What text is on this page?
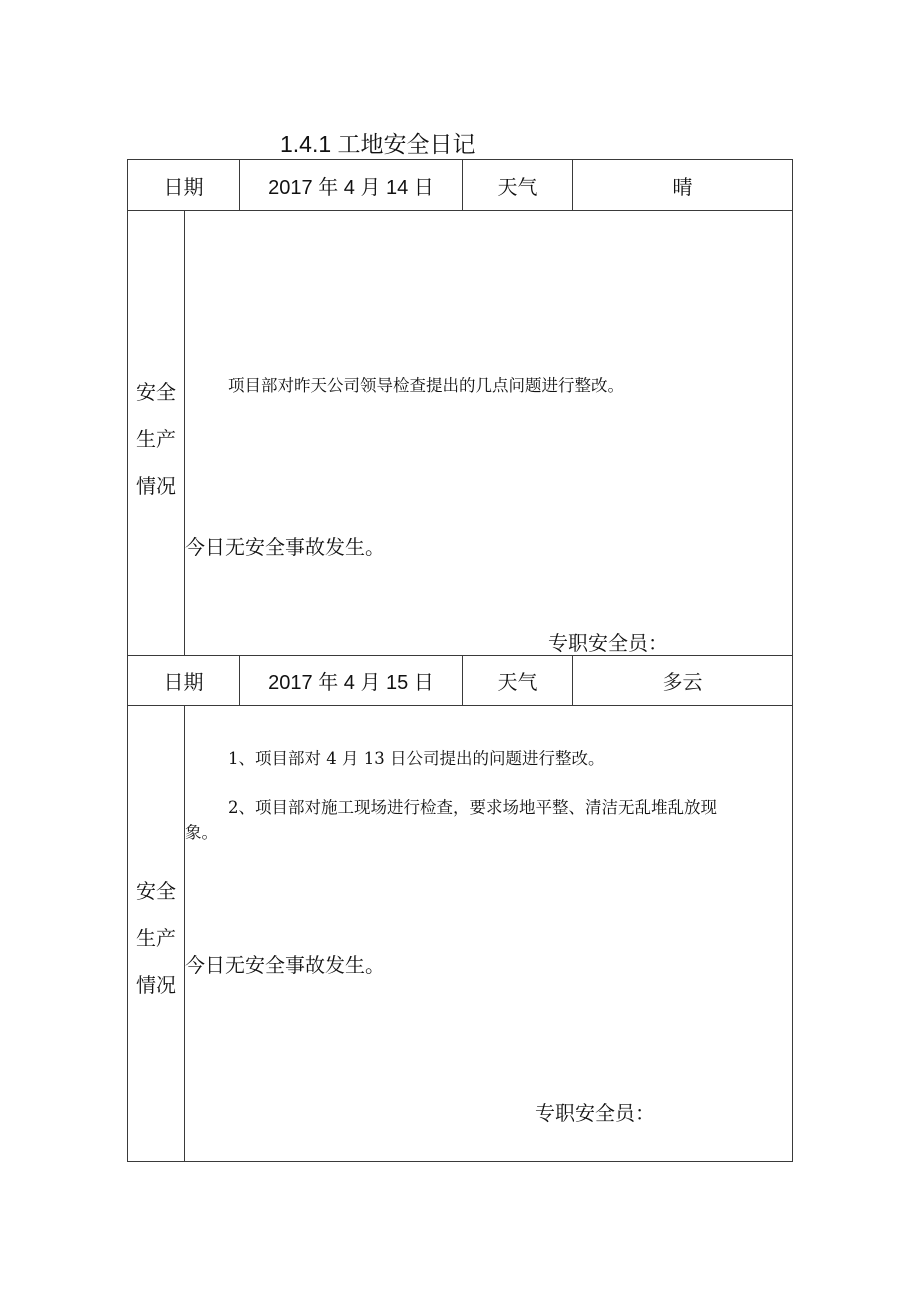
1.4.1 工地安全日记
日期	2017 年 4 月 14 日	天气	晴
安全
生产
情况
项目部对昨天公司领导检查提出的几点问题进行整改。
今日无安全事故发生。
专职安全员：
日期	2017 年 4 月 15 日	天气	多云
安全
生产
情况
1、项目部对 4 月 13 日公司提出的问题进行整改。
2、项目部对施工现场进行检查，要求场地平整、清洁无乱堆乱放现
象。
今日无安全事故发生。
专职安全员：
